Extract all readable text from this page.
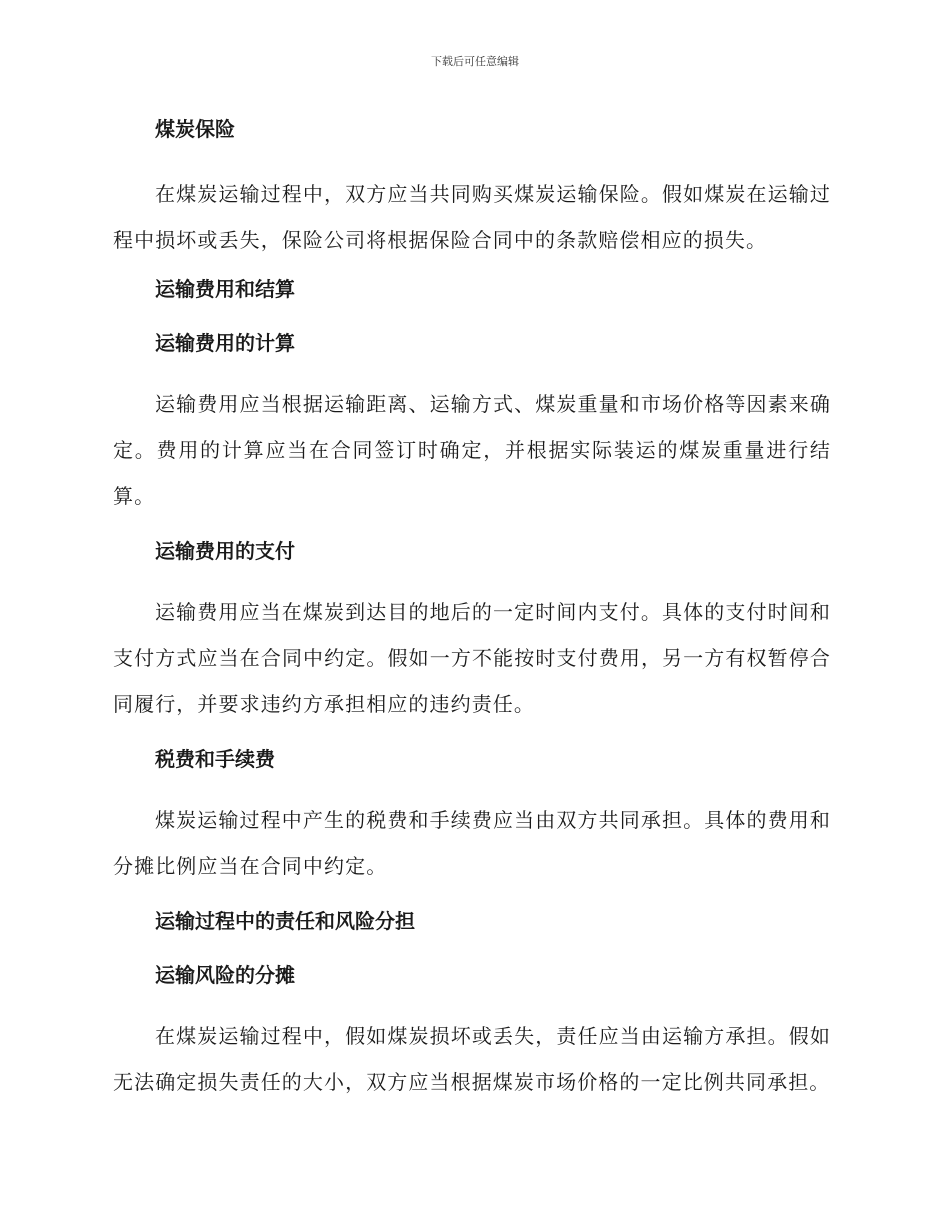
下载后可任意编辑
煤炭保险

在煤炭运输过程中，双方应当共同购买煤炭运输保险。假如煤炭在运输过程中损坏或丢失，保险公司将根据保险合同中的条款赔偿相应的损失。

运输费用和结算
运输费用的计算

运输费用应当根据运输距离、运输方式、煤炭重量和市场价格等因素来确定。费用的计算应当在合同签订时确定，并根据实际装运的煤炭重量进行结算。

运输费用的支付

运输费用应当在煤炭到达目的地后的一定时间内支付。具体的支付时间和支付方式应当在合同中约定。假如一方不能按时支付费用，另一方有权暂停合同履行，并要求违约方承担相应的违约责任。

税费和手续费

煤炭运输过程中产生的税费和手续费应当由双方共同承担。具体的费用和分摊比例应当在合同中约定。

运输过程中的责任和风险分担
运输风险的分摊

在煤炭运输过程中，假如煤炭损坏或丢失，责任应当由运输方承担。假如无法确定损失责任的大小，双方应当根据煤炭市场价格的一定比例共同承担。
